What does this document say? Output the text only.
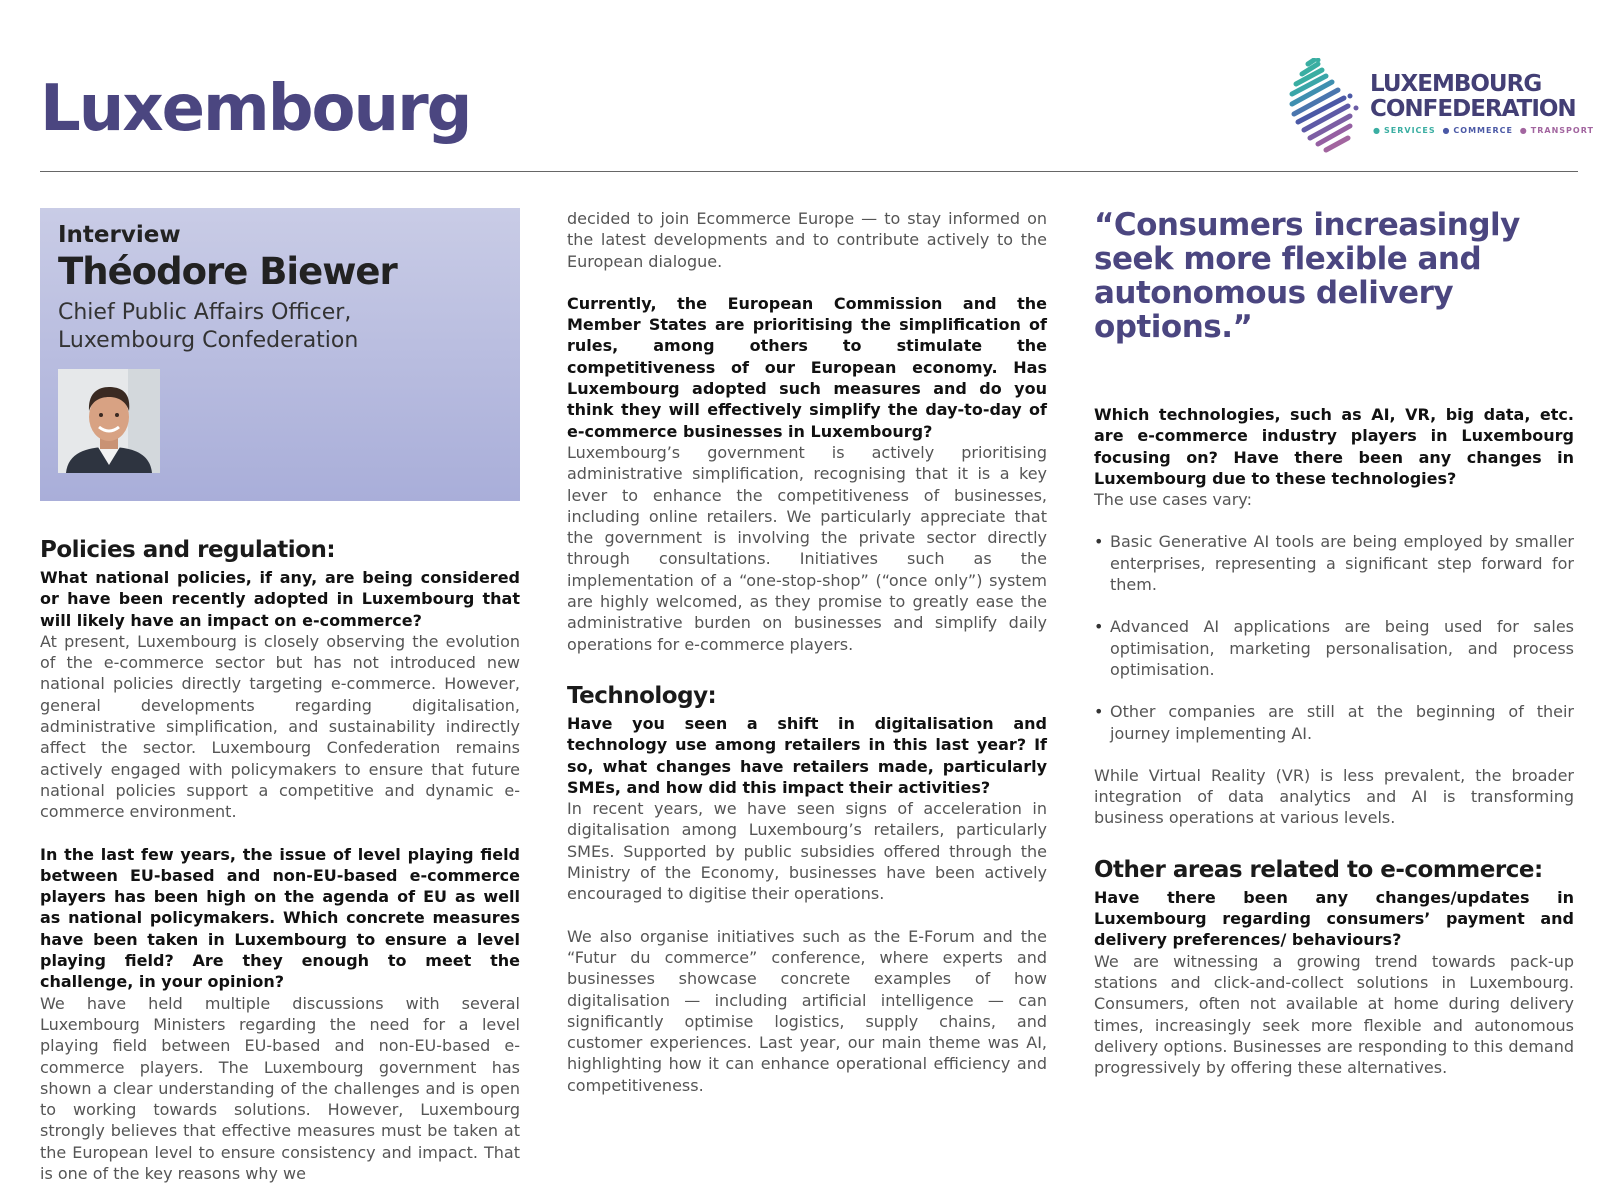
Luxembourg	LUXEMBOURG
CONFEDERATION
● SERVICES ● COMMERCE ● TRANSPORT
Interview
Théodore Biewer
Chief Public Affairs Officer,
Luxembourg Confederation
Policies and regulation:

What national policies, if any, are being considered or have been recently adopted in Luxembourg that will likely have an impact on e-commerce?

At present, Luxembourg is closely observing the evolution of the e-commerce sector but has not introduced new national policies directly targeting e-commerce. However, general developments regarding digitalisation, administrative simplification, and sustainability indirectly affect the sector. Luxembourg Confederation remains actively engaged with policymakers to ensure that future national policies support a competitive and dynamic e-commerce environment.

In the last few years, the issue of level playing field between EU-based and non-EU-based e-commerce players has been high on the agenda of EU as well as national policymakers. Which concrete measures have been taken in Luxembourg to ensure a level playing field? Are they enough to meet the challenge, in your opinion?

We have held multiple discussions with several Luxembourg Ministers regarding the need for a level playing field between EU-based and non-EU-based e-commerce players. The Luxembourg government has shown a clear understanding of the challenges and is open to working towards solutions. However, Luxembourg strongly believes that effective measures must be taken at the European level to ensure consistency and impact. That is one of the key reasons why we

decided to join Ecommerce Europe — to stay informed on the latest developments and to contribute actively to the European dialogue.

Currently, the European Commission and the Member States are prioritising the simplification of rules, among others to stimulate the competitiveness of our European economy. Has Luxembourg adopted such measures and do you think they will effectively simplify the day-to-day of e-commerce businesses in Luxembourg?

Luxembourg’s government is actively prioritising administrative simplification, recognising that it is a key lever to enhance the competitiveness of businesses, including online retailers. We particularly appreciate that the government is involving the private sector directly through consultations. Initiatives such as the implementation of a “one-stop-shop” (“once only”) system are highly welcomed, as they promise to greatly ease the administrative burden on businesses and simplify daily operations for e-commerce players.

Technology:

Have you seen a shift in digitalisation and technology use among retailers in this last year? If so, what changes have retailers made, particularly SMEs, and how did this impact their activities?

In recent years, we have seen signs of acceleration in digitalisation among Luxembourg’s retailers, particularly SMEs. Supported by public subsidies offered through the Ministry of the Economy, businesses have been actively encouraged to digitise their operations.

We also organise initiatives such as the E-Forum and the “Futur du commerce” conference, where experts and businesses showcase concrete examples of how digitalisation — including artificial intelligence — can significantly optimise logistics, supply chains, and customer experiences. Last year, our main theme was AI, highlighting how it can enhance operational efficiency and competitiveness.

“Consumers increasingly seek more flexible and autonomous delivery options.”

Which technologies, such as AI, VR, big data, etc. are e-commerce industry players in Luxembourg focusing on? Have there been any changes in Luxembourg due to these technologies?

The use cases vary:

• Basic Generative AI tools are being employed by smaller enterprises, representing a significant step forward for them.
• Advanced AI applications are being used for sales optimisation, marketing personalisation, and process optimisation.
• Other companies are still at the beginning of their journey implementing AI.

While Virtual Reality (VR) is less prevalent, the broader integration of data analytics and AI is transforming business operations at various levels.

Other areas related to e-commerce:

Have there been any changes/updates in Luxembourg regarding consumers’ payment and delivery preferences/ behaviours?

We are witnessing a growing trend towards pack-up stations and click-and-collect solutions in Luxembourg. Consumers, often not available at home during delivery times, increasingly seek more flexible and autonomous delivery options. Businesses are responding to this demand progressively by offering these alternatives.
